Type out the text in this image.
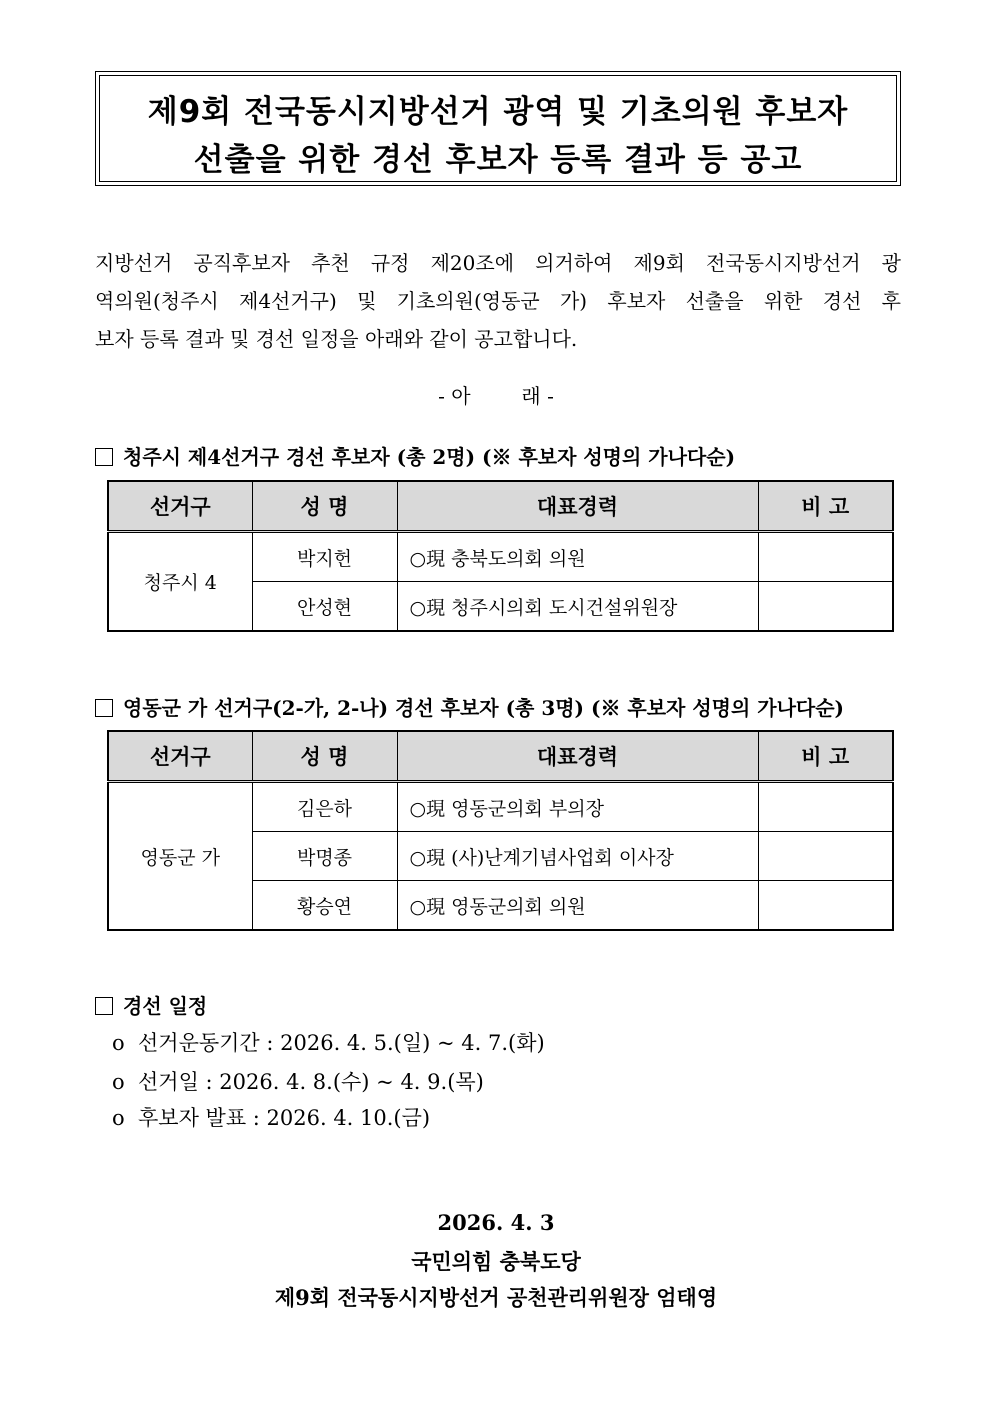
제9회 전국동시지방선거 광역 및 기초의원 후보자
선출을 위한 경선 후보자 등록 결과 등 공고
지방선거 공직후보자 추천 규정 제20조에 의거하여 제9회 전국동시지방선거 광
역의원(청주시 제4선거구) 및 기초의원(영동군 가) 후보자 선출을 위한 경선 후
보자 등록 결과 및 경선 일정을 아래와 같이 공고합니다.
- 아        래 -
청주시 제4선거구 경선 후보자 (총 2명) (※ 후보자 성명의 가나다순)
선거구	성 명	대표경력	비 고
청주시 4	박지헌	○現 충북도의회 의원	
	안성현	○現 청주시의회 도시건설위원장	
영동군 가 선거구(2-가, 2-나) 경선 후보자 (총 3명) (※ 후보자 성명의 가나다순)
선거구	성 명	대표경력	비 고
영동군 가	김은하	○現 영동군의회 부의장	
	박명종	○現 (사)난계기념사업회 이사장	
	황승연	○現 영동군의회 의원	
경선 일정
o 선거운동기간 : 2026. 4. 5.(일) ~ 4. 7.(화)
o 선거일 : 2026. 4. 8.(수) ~ 4. 9.(목)
o 후보자 발표 : 2026. 4. 10.(금)
2026. 4. 3
국민의힘 충북도당
제9회 전국동시지방선거 공천관리위원장 엄태영
